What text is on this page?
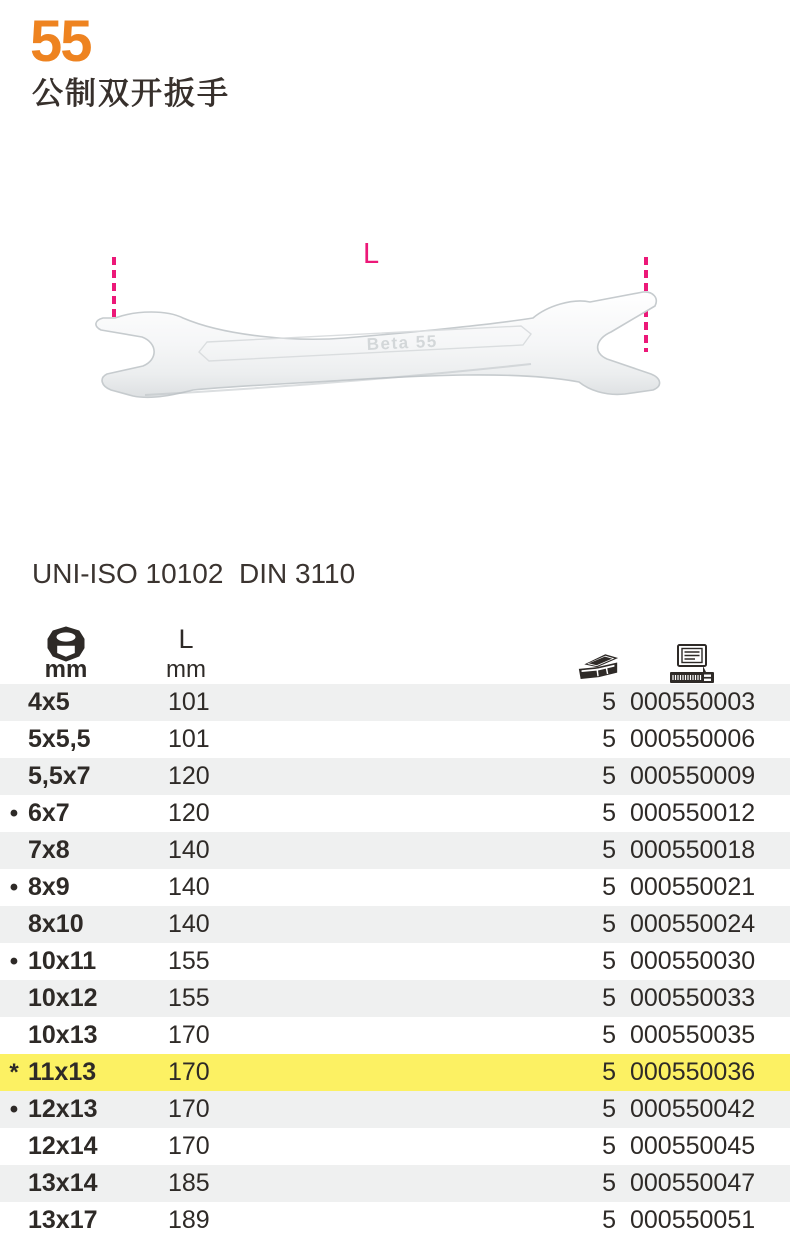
55
公制双开扳手
L
Beta 55
UNI-ISO 10102  DIN 3110
mm
L
mm
4x5	101	5 000550003
5x5,5	101	5 000550006
5,5x7	120	5 000550009
• 6x7	120	5 000550012
7x8	140	5 000550018
• 8x9	140	5 000550021
8x10	140	5 000550024
• 10x11	155	5 000550030
10x12	155	5 000550033
10x13	170	5 000550035
* 11x13	170	5 000550036
• 12x13	170	5 000550042
12x14	170	5 000550045
13x14	185	5 000550047
13x17	189	5 000550051
